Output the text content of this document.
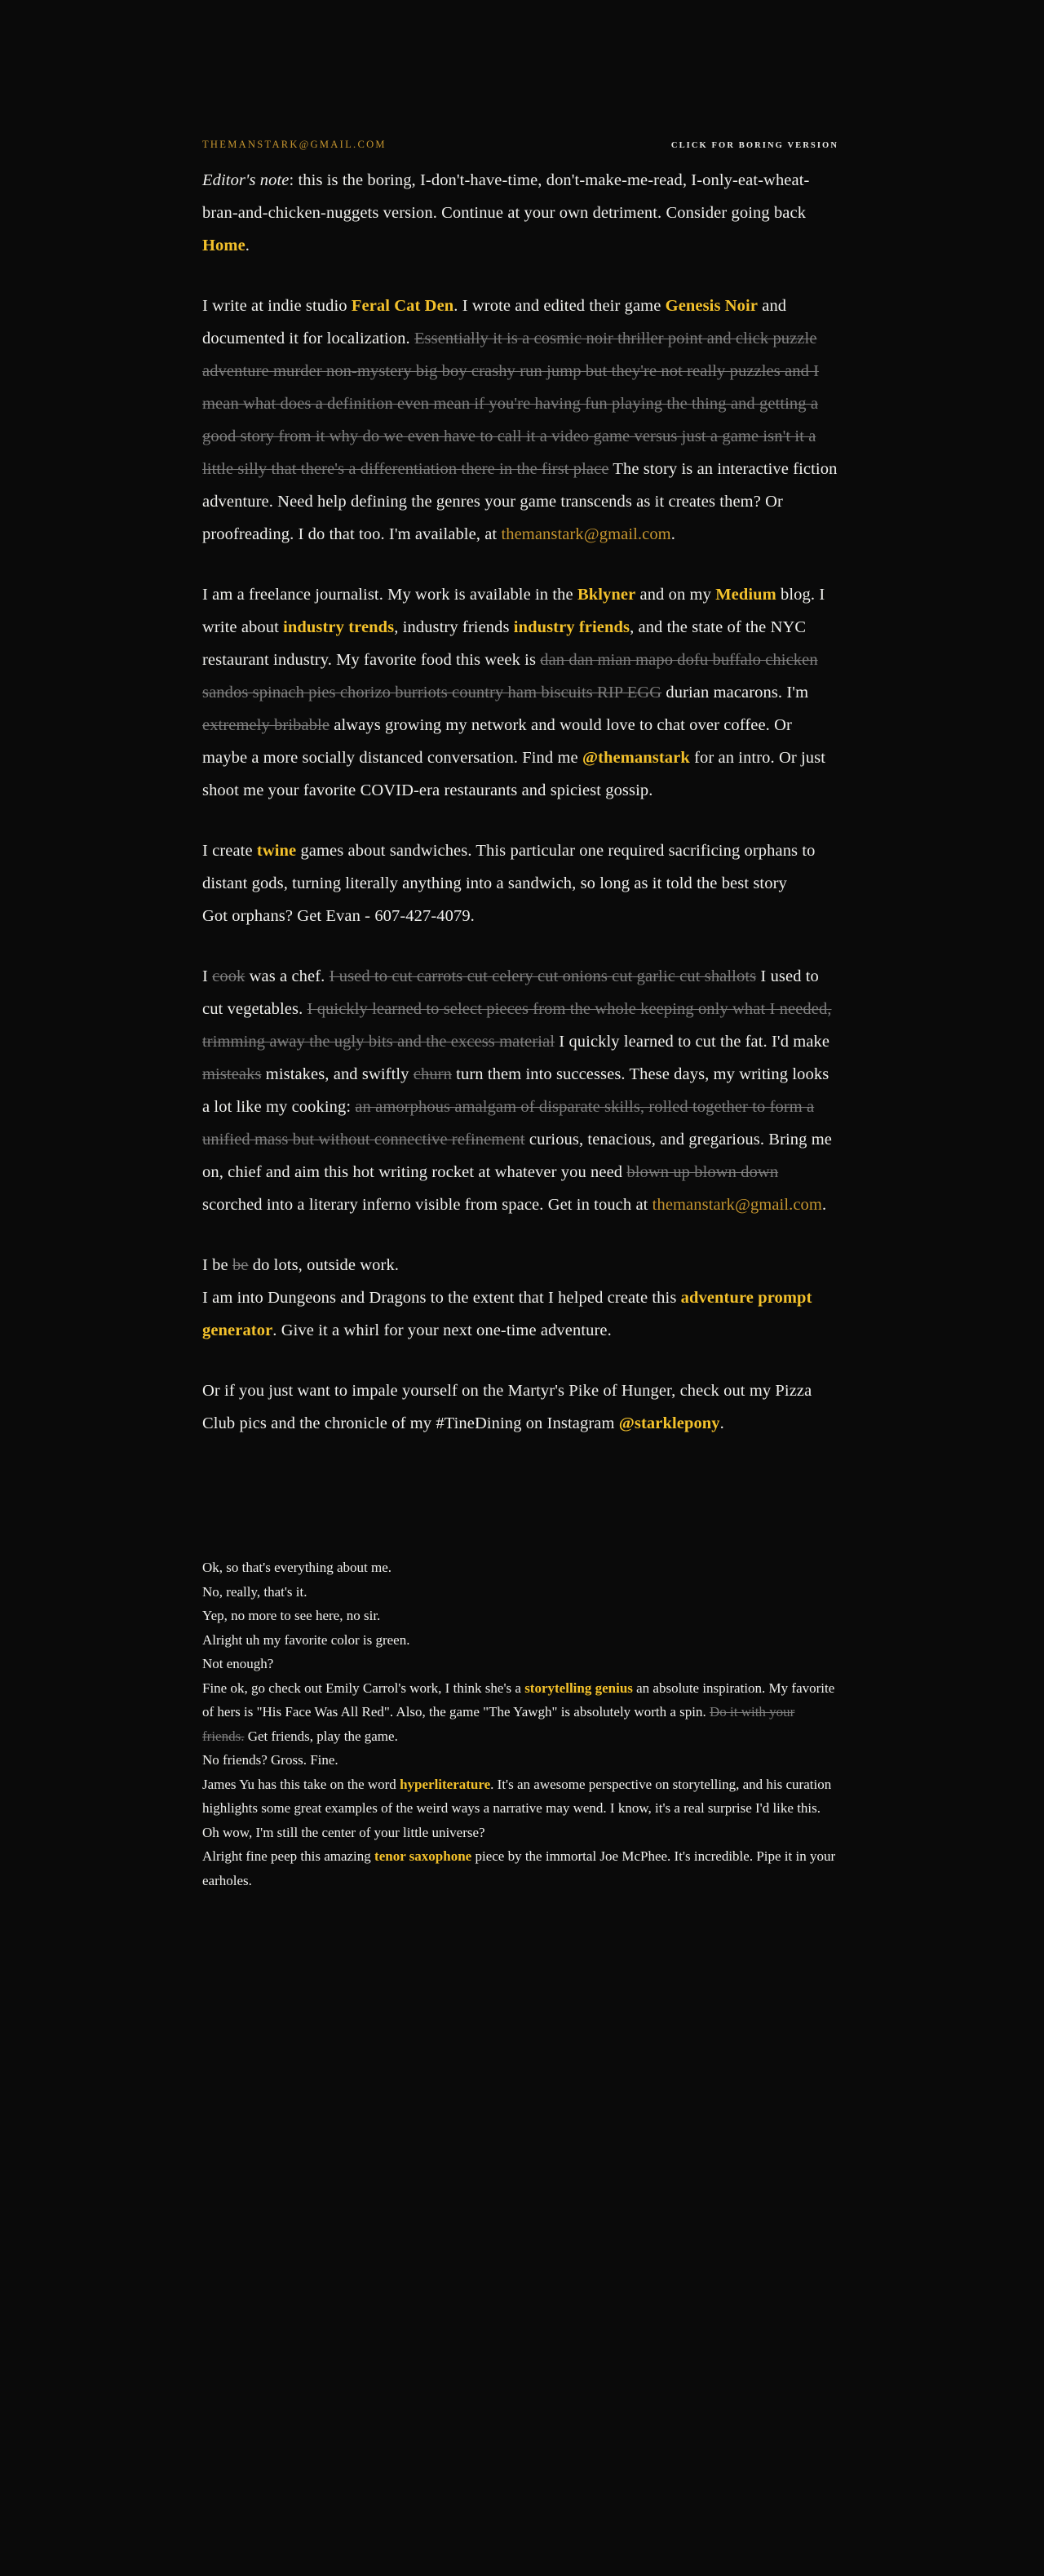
THEMANSTARK@GMAIL.COM	CLICK FOR BORING VERSION

Editor's note: this is the boring, I-don't-have-time, don't-make-me-read, I-only-eat-wheat-bran-and-chicken-nuggets version. Continue at your own detriment. Consider going back Home.

I write at indie studio Feral Cat Den. I wrote and edited their game Genesis Noir and documented it for localization. Essentially it is a cosmic noir thriller point and click puzzle adventure murder non-mystery big boy crashy run jump but they're not really puzzles and I mean what does a definition even mean if you're having fun playing the thing and getting a good story from it why do we even have to call it a video game versus just a game isn't it a little silly that there's a differentiation there in the first place The story is an interactive fiction adventure. Need help defining the genres your game transcends as it creates them? Or proofreading. I do that too. I'm available, at themanstark@gmail.com.

I am a freelance journalist. My work is available in the Bklyner and on my Medium blog. I write about industry trends, industry friends industry friends, and the state of the NYC restaurant industry. My favorite food this week is dan dan mian mapo dofu buffalo chicken sandos spinach pies chorizo burriots country ham biscuits RIP EGG durian macarons. I'm extremely bribable always growing my network and would love to chat over coffee. Or maybe a more socially distanced conversation. Find me @themanstark for an intro. Or just shoot me your favorite COVID-era restaurants and spiciest gossip.

I create twine games about sandwiches. This particular one required sacrificing orphans to distant gods, turning literally anything into a sandwich, so long as it told the best story
Got orphans? Get Evan - 607-427-4079.

I cook was a chef. I used to cut carrots cut celery cut onions cut garlic cut shallots I used to cut vegetables. I quickly learned to select pieces from the whole keeping only what I needed, trimming away the ugly bits and the excess material I quickly learned to cut the fat. I'd make misteaks mistakes, and swiftly churn turn them into successes. These days, my writing looks a lot like my cooking: an amorphous amalgam of disparate skills, rolled together to form a unified mass but without connective refinement curious, tenacious, and gregarious. Bring me on, chief and aim this hot writing rocket at whatever you need blown up blown down scorched into a literary inferno visible from space. Get in touch at themanstark@gmail.com.

I be be do lots, outside work.
I am into Dungeons and Dragons to the extent that I helped create this adventure prompt generator. Give it a whirl for your next one-time adventure.

Or if you just want to impale yourself on the Martyr's Pike of Hunger, check out my Pizza Club pics and the chronicle of my #TineDining on Instagram @starklepony.

Ok, so that's everything about me.

No, really, that's it.

Yep, no more to see here, no sir.

Alright uh my favorite color is green.

Not enough?

Fine ok, go check out Emily Carrol's work, I think she's a storytelling genius an absolute inspiration. My favorite of hers is "His Face Was All Red". Also, the game "The Yawgh" is absolutely worth a spin. Do it with your friends. Get friends, play the game.

No friends? Gross. Fine.

James Yu has this take on the word hyperliterature. It's an awesome perspective on storytelling, and his curation highlights some great examples of the weird ways a narrative may wend. I know, it's a real surprise I'd like this.

Oh wow, I'm still the center of your little universe?

Alright fine peep this amazing tenor saxophone piece by the immortal Joe McPhee. It's incredible. Pipe it in your earholes.
